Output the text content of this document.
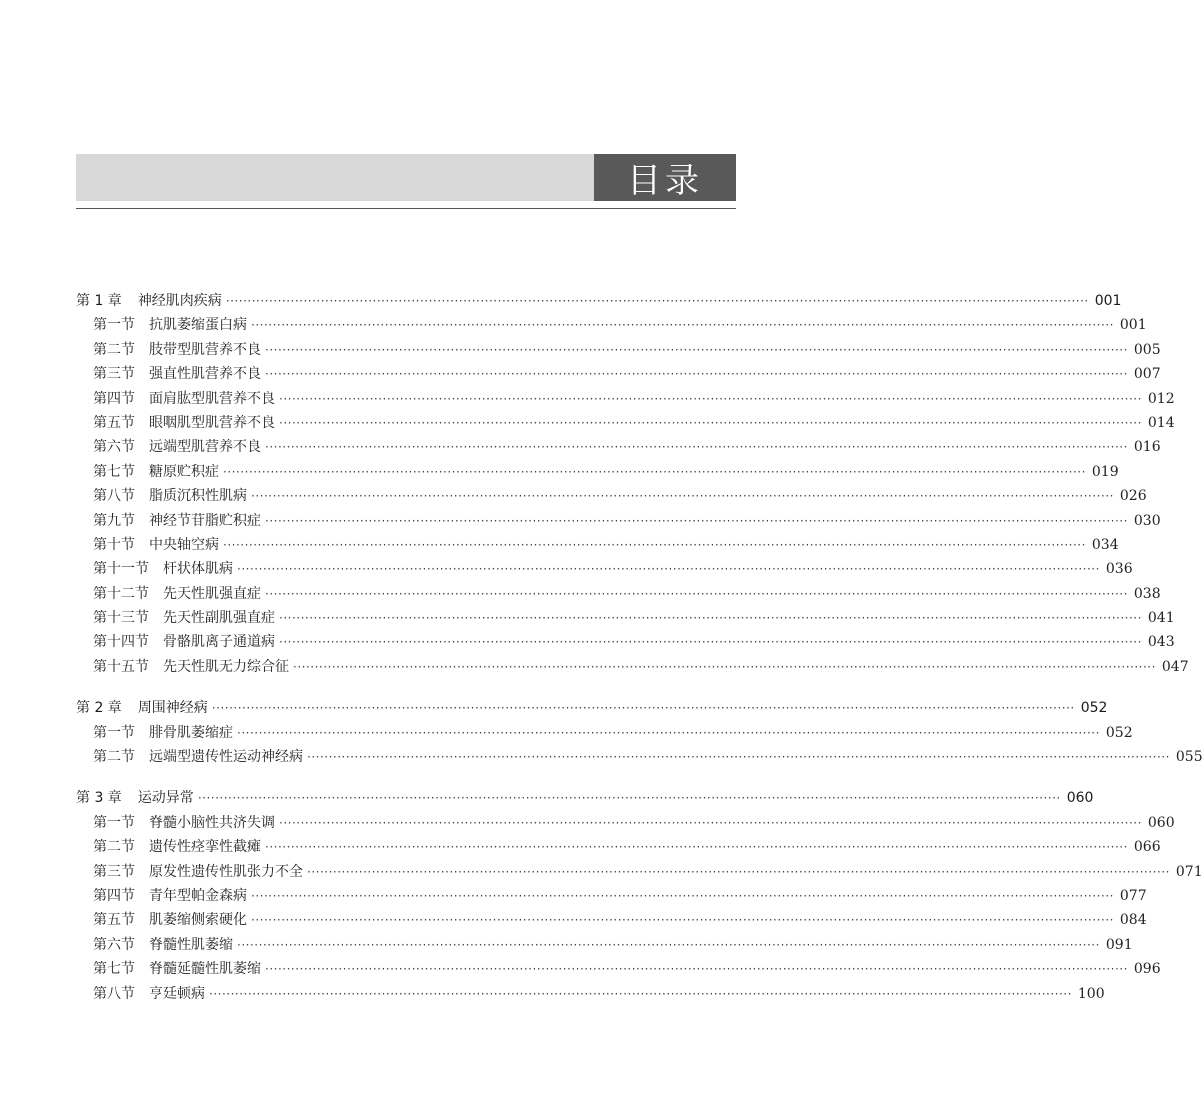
目录
第 1 章 神经肌肉疾病 ········································································································································································································ 001
第一节 抗肌萎缩蛋白病 ········································································································································································································ 001
第二节 肢带型肌营养不良 ········································································································································································································ 005
第三节 强直性肌营养不良 ········································································································································································································ 007
第四节 面肩肱型肌营养不良 ········································································································································································································ 012
第五节 眼咽肌型肌营养不良 ········································································································································································································ 014
第六节 远端型肌营养不良 ········································································································································································································ 016
第七节 糖原贮积症 ········································································································································································································ 019
第八节 脂质沉积性肌病 ········································································································································································································ 026
第九节 神经节苷脂贮积症 ········································································································································································································ 030
第十节 中央轴空病 ········································································································································································································ 034
第十一节 杆状体肌病 ········································································································································································································ 036
第十二节 先天性肌强直症 ········································································································································································································ 038
第十三节 先天性副肌强直症 ········································································································································································································ 041
第十四节 骨骼肌离子通道病 ········································································································································································································ 043
第十五节 先天性肌无力综合征 ········································································································································································································ 047
第 2 章 周围神经病 ········································································································································································································ 052
第一节 腓骨肌萎缩症 ········································································································································································································ 052
第二节 远端型遗传性运动神经病 ········································································································································································································ 055
第 3 章 运动异常 ········································································································································································································ 060
第一节 脊髓小脑性共济失调 ········································································································································································································ 060
第二节 遗传性痉挛性截瘫 ········································································································································································································ 066
第三节 原发性遗传性肌张力不全 ········································································································································································································ 071
第四节 青年型帕金森病 ········································································································································································································ 077
第五节 肌萎缩侧索硬化 ········································································································································································································ 084
第六节 脊髓性肌萎缩 ········································································································································································································ 091
第七节 脊髓延髓性肌萎缩 ········································································································································································································ 096
第八节 亨廷顿病 ········································································································································································································ 100
